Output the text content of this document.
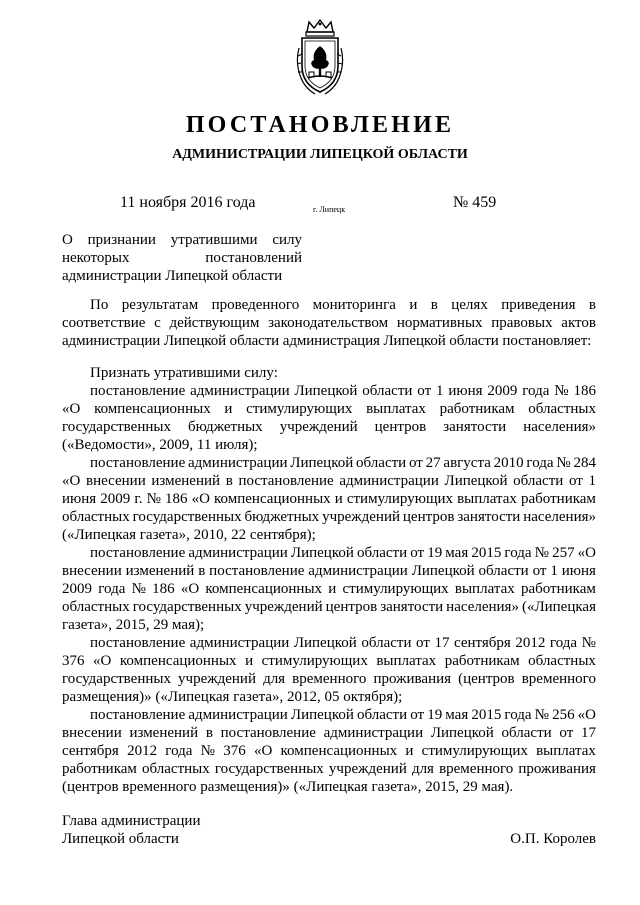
ПОСТАНОВЛЕНИЕ
АДМИНИСТРАЦИИ ЛИПЕЦКОЙ ОБЛАСТИ
11 ноября 2016 года	г. Липецк	№ 459
О признании утратившими силу
некоторых	постановлений
администрации Липецкой области
По результатам проведенного мониторинга и в целях приведения в
соответствие с действующим законодательством нормативных правовых актов
администрации Липецкой области администрация Липецкой области постановляет:
Признать утратившими силу:
постановление администрации Липецкой области от 1 июня 2009 года № 186
«О компенсационных и стимулирующих выплатах работникам областных
государственных бюджетных учреждений центров занятости населения»
(«Ведомости», 2009, 11 июля);
постановление администрации Липецкой области от 27 августа 2010 года № 284
«О внесении изменений в постановление администрации Липецкой области от 1
июня 2009 г. № 186 «О компенсационных и стимулирующих выплатах работникам
областных государственных бюджетных учреждений центров занятости населения»
(«Липецкая газета», 2010, 22 сентября);
постановление администрации Липецкой области от 19 мая 2015 года № 257 «О
внесении изменений в постановление администрации Липецкой области от 1 июня
2009 года № 186 «О компенсационных и стимулирующих выплатах работникам
областных государственных учреждений центров занятости населения» («Липецкая
газета», 2015, 29 мая);
постановление администрации Липецкой области от 17 сентября 2012 года №
376 «О компенсационных и стимулирующих выплатах работникам областных
государственных учреждений для временного проживания (центров временного
размещения)» («Липецкая газета», 2012, 05 октября);
постановление администрации Липецкой области от 19 мая 2015 года № 256 «О
внесении изменений в постановление администрации Липецкой области от 17
сентября 2012 года № 376 «О компенсационных и стимулирующих выплатах
работникам областных государственных учреждений для временного проживания
(центров временного размещения)» («Липецкая газета», 2015, 29 мая).
Глава администрации
Липецкой области	О.П. Королев
